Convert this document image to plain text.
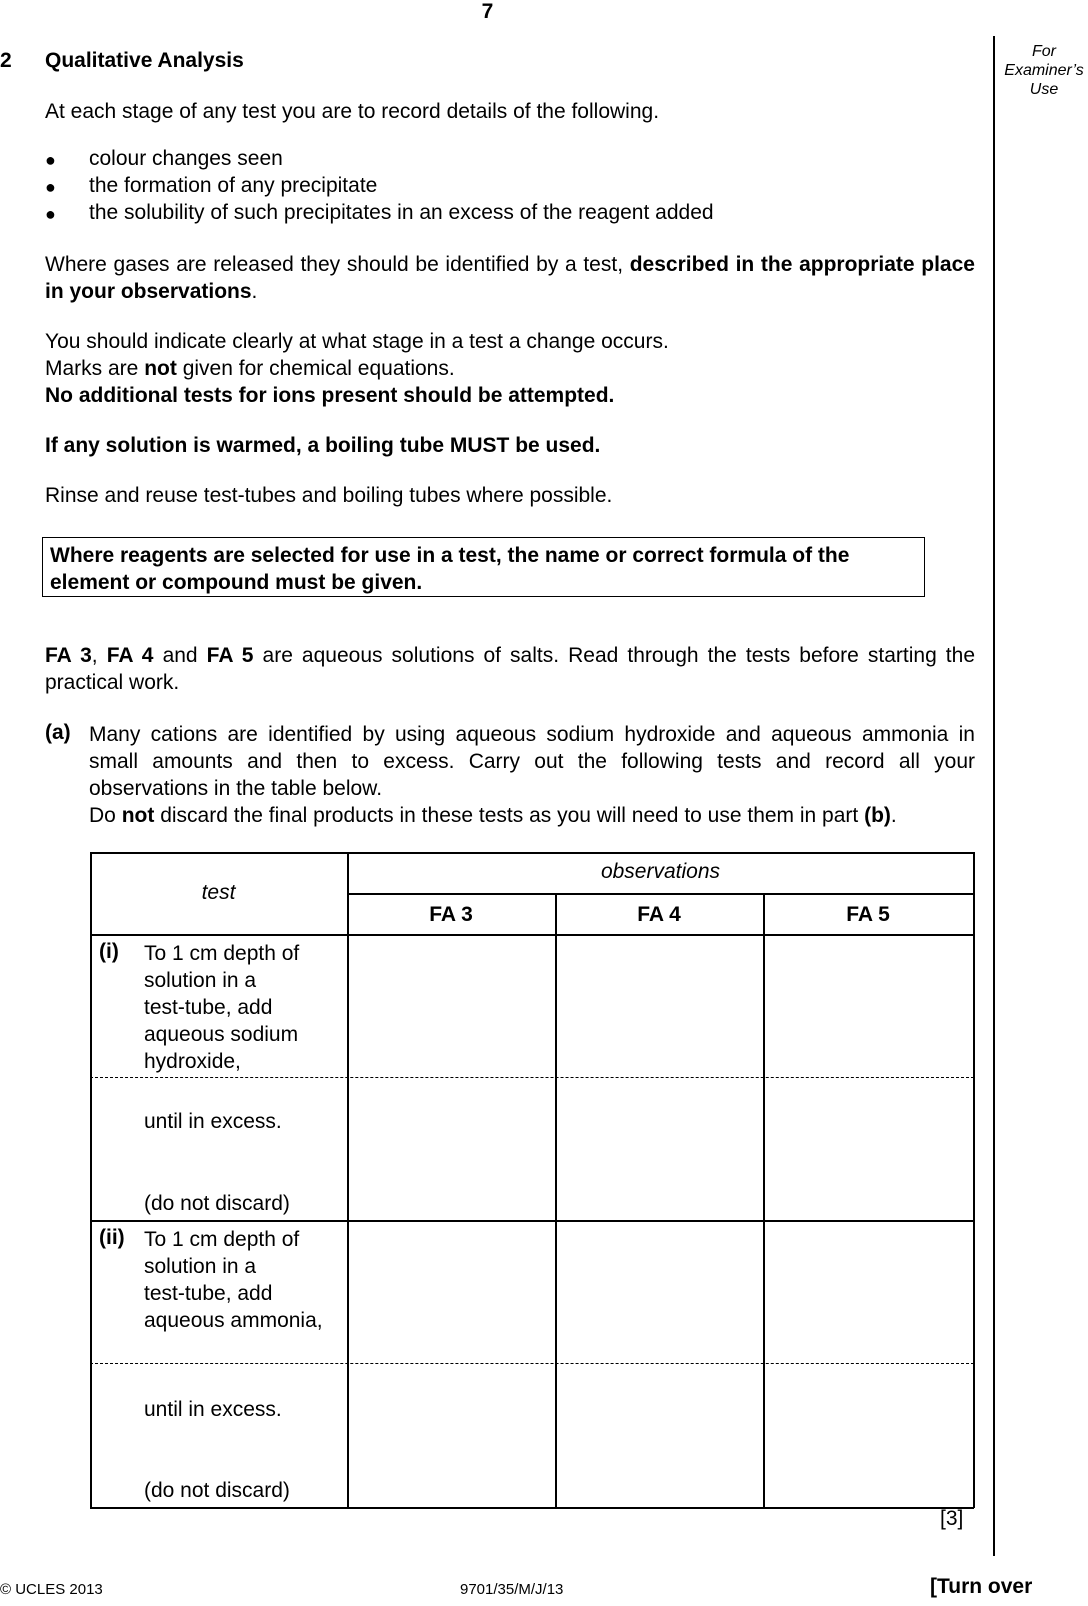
7
For
Examiner’s
Use
2 Qualitative Analysis
At each stage of any test you are to record details of the following.
● colour changes seen
● the formation of any precipitate
● the solubility of such precipitates in an excess of the reagent added
Where gases are released they should be identified by a test, described in the appropriate place in your observations.
You should indicate clearly at what stage in a test a change occurs.
Marks are not given for chemical equations.
No additional tests for ions present should be attempted.
If any solution is warmed, a boiling tube MUST be used.
Rinse and reuse test-tubes and boiling tubes where possible.
Where reagents are selected for use in a test, the name or correct formula of the element or compound must be given.
FA 3, FA 4 and FA 5 are aqueous solutions of salts. Read through the tests before starting the practical work.
(a) Many cations are identified by using aqueous sodium hydroxide and aqueous ammonia in small amounts and then to excess. Carry out the following tests and record all your observations in the table below.
Do not discard the final products in these tests as you will need to use them in part (b).
test
observations
FA 3	FA 4	FA 5
(i) To 1 cm depth of
solution in a
test-tube, add
aqueous sodium
hydroxide,
until in excess.
(do not discard)
(ii) To 1 cm depth of
solution in a
test-tube, add
aqueous ammonia,
until in excess.
(do not discard)
[3]
© UCLES 2013	9701/35/M/J/13	[Turn over
